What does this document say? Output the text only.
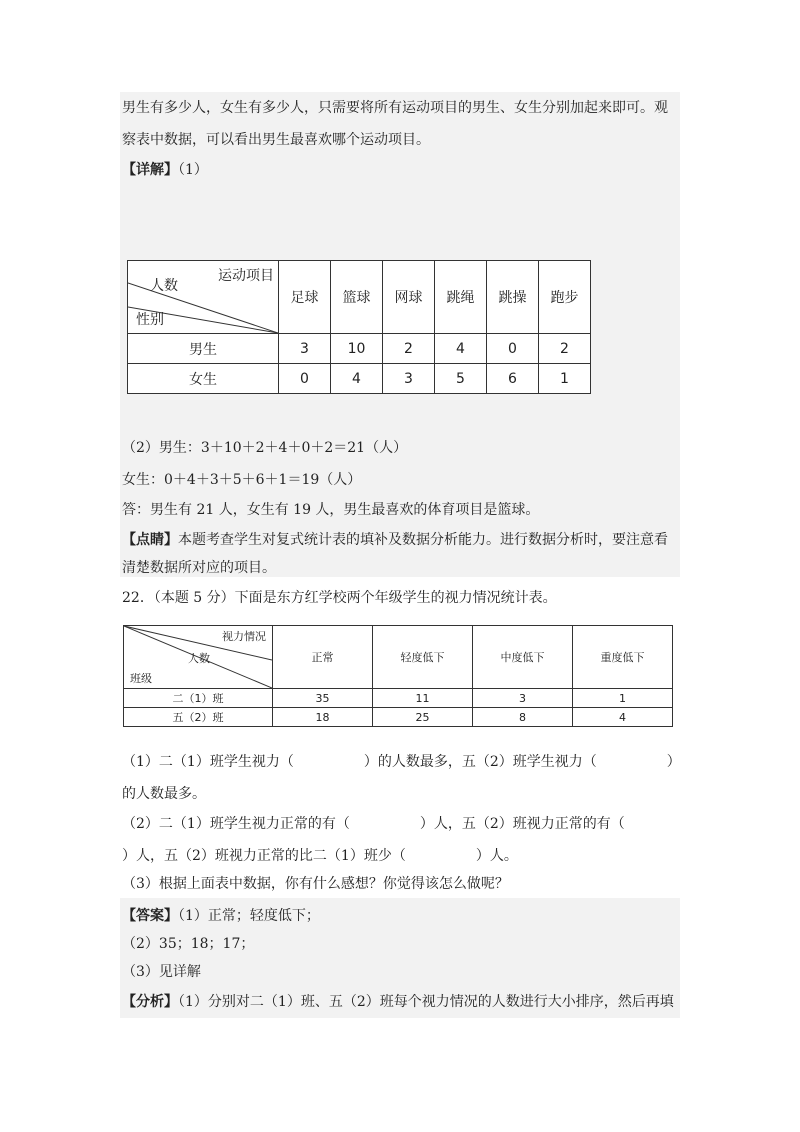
男生有多少人，女生有多少人，只需要将所有运动项目的男生、女生分别加起来即可。观
察表中数据，可以看出男生最喜欢哪个运动项目。
【详解】（1）
运动项目
人数
性别	足球	篮球	网球	跳绳	跳操	跑步
男生	3	10	2	4	0	2
女生	0	4	3	5	6	1
（2）男生：3＋10＋2＋4＋0＋2＝21（人）
女生：0＋4＋3＋5＋6＋1＝19（人）
答：男生有 21 人，女生有 19 人，男生最喜欢的体育项目是篮球。
【点睛】本题考查学生对复式统计表的填补及数据分析能力。进行数据分析时，要注意看
清楚数据所对应的项目。
22．（本题 5 分）下面是东方红学校两个年级学生的视力情况统计表。
视力情况
人数
班级	正常	轻度低下	中度低下	重度低下
二（1）班	35	11	3	1
五（2）班	18	25	8	4
（1）二（1）班学生视力（　　　　　）的人数最多，五（2）班学生视力（　　　　　）
的人数最多。
（2）二（1）班学生视力正常的有（　　　　　）人，五（2）班视力正常的有（
）人，五（2）班视力正常的比二（1）班少（　　　　　）人。
（3）根据上面表中数据，你有什么感想？你觉得该怎么做呢？
【答案】（1）正常；轻度低下；
（2）35；18；17；
（3）见详解
【分析】（1）分别对二（1）班、五（2）班每个视力情况的人数进行大小排序，然后再填
